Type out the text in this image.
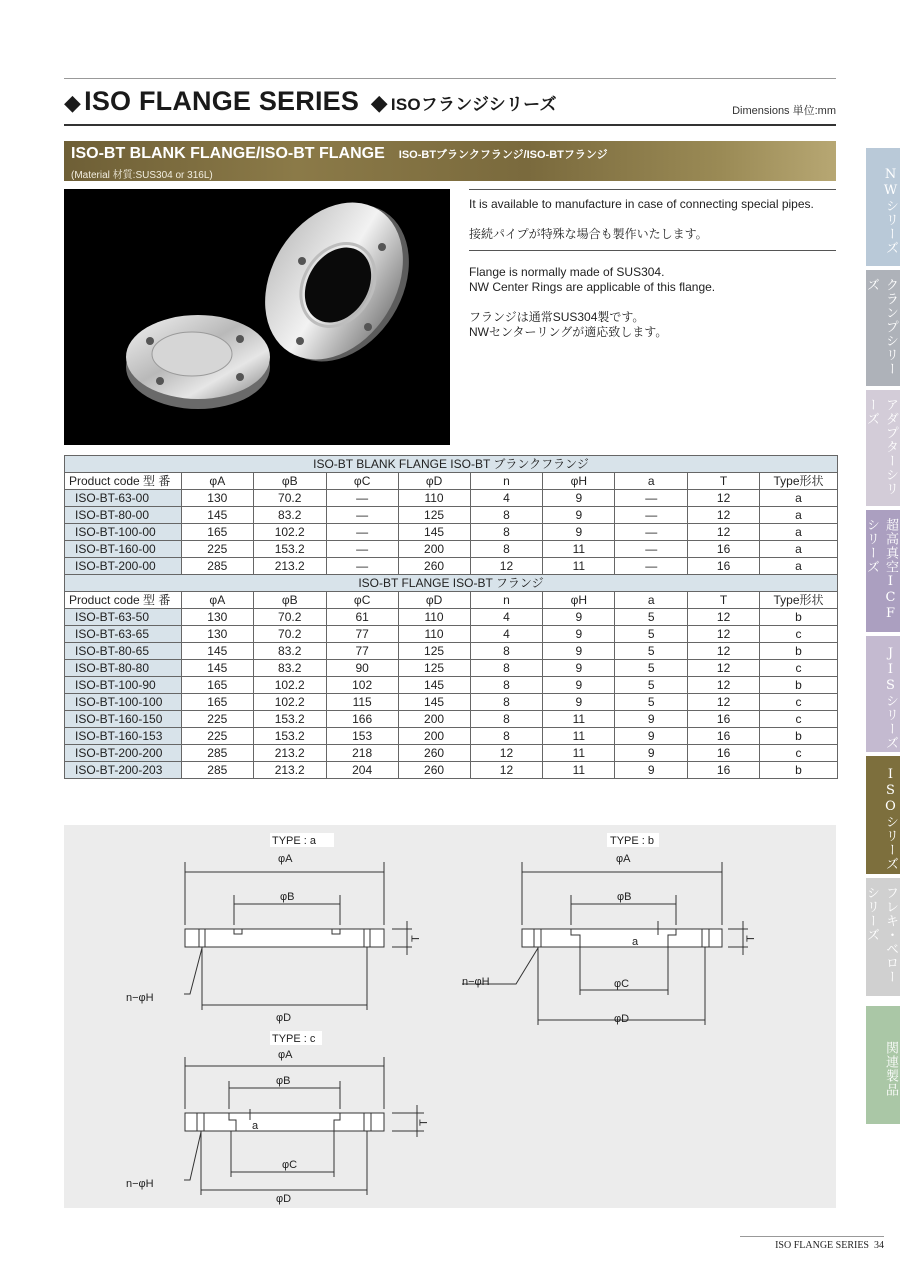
◆ ISO FLANGE SERIES ◆ ISOフランジシリーズ	Dimensions 単位:mm
ISO-BT BLANK FLANGE/ISO-BT FLANGE ISO-BTブランクフランジ/ISO-BTフランジ
(Material 材質:SUS304 or 316L)

It is available to manufacture in case of connecting special pipes.

接続パイプが特殊な場合も製作いたします。

Flange is normally made of SUS304.

NW Center Rings are applicable of this flange.

フランジは通常SUS304製です。

NWセンターリングが適応致します。

ISO-BT BLANK FLANGE ISO-BT ブランクフランジ									
Product code 型 番	φA	φB	φC	φD	n	φH	a	T	Type形状
ISO-BT-63-00	130	70.2	—	110	4	9	—	12	a
ISO-BT-80-00	145	83.2	—	125	8	9	—	12	a
ISO-BT-100-00	165	102.2	—	145	8	9	—	12	a
ISO-BT-160-00	225	153.2	—	200	8	11	—	16	a
ISO-BT-200-00	285	213.2	—	260	12	11	—	16	a
ISO-BT FLANGE ISO-BT フランジ									
Product code 型 番	φA	φB	φC	φD	n	φH	a	T	Type形状
ISO-BT-63-50	130	70.2	61	110	4	9	5	12	b
ISO-BT-63-65	130	70.2	77	110	4	9	5	12	c
ISO-BT-80-65	145	83.2	77	125	8	9	5	12	b
ISO-BT-80-80	145	83.2	90	125	8	9	5	12	c
ISO-BT-100-90	165	102.2	102	145	8	9	5	12	b
ISO-BT-100-100	165	102.2	115	145	8	9	5	12	c
ISO-BT-160-150	225	153.2	166	200	8	11	9	16	c
ISO-BT-160-153	225	153.2	153	200	8	11	9	16	b
ISO-BT-200-200	285	213.2	218	260	12	11	9	16	c
ISO-BT-200-203	285	213.2	204	260	12	11	9	16	b
TYPE : a
φA
φB
T
φD
n−φH
TYPE : b
φA
φB
a	T
φC
φD
n−φH
TYPE : c
φA
φB
a	T
φC
φD
n−φH
NWシリーズ
クランプシリーズ
アダプターシリーズ
超高真空ICFシリーズ
JISシリーズ
ISOシリーズ
フレキ・ベローシリーズ
関連製品
ISO FLANGE SERIES 34
